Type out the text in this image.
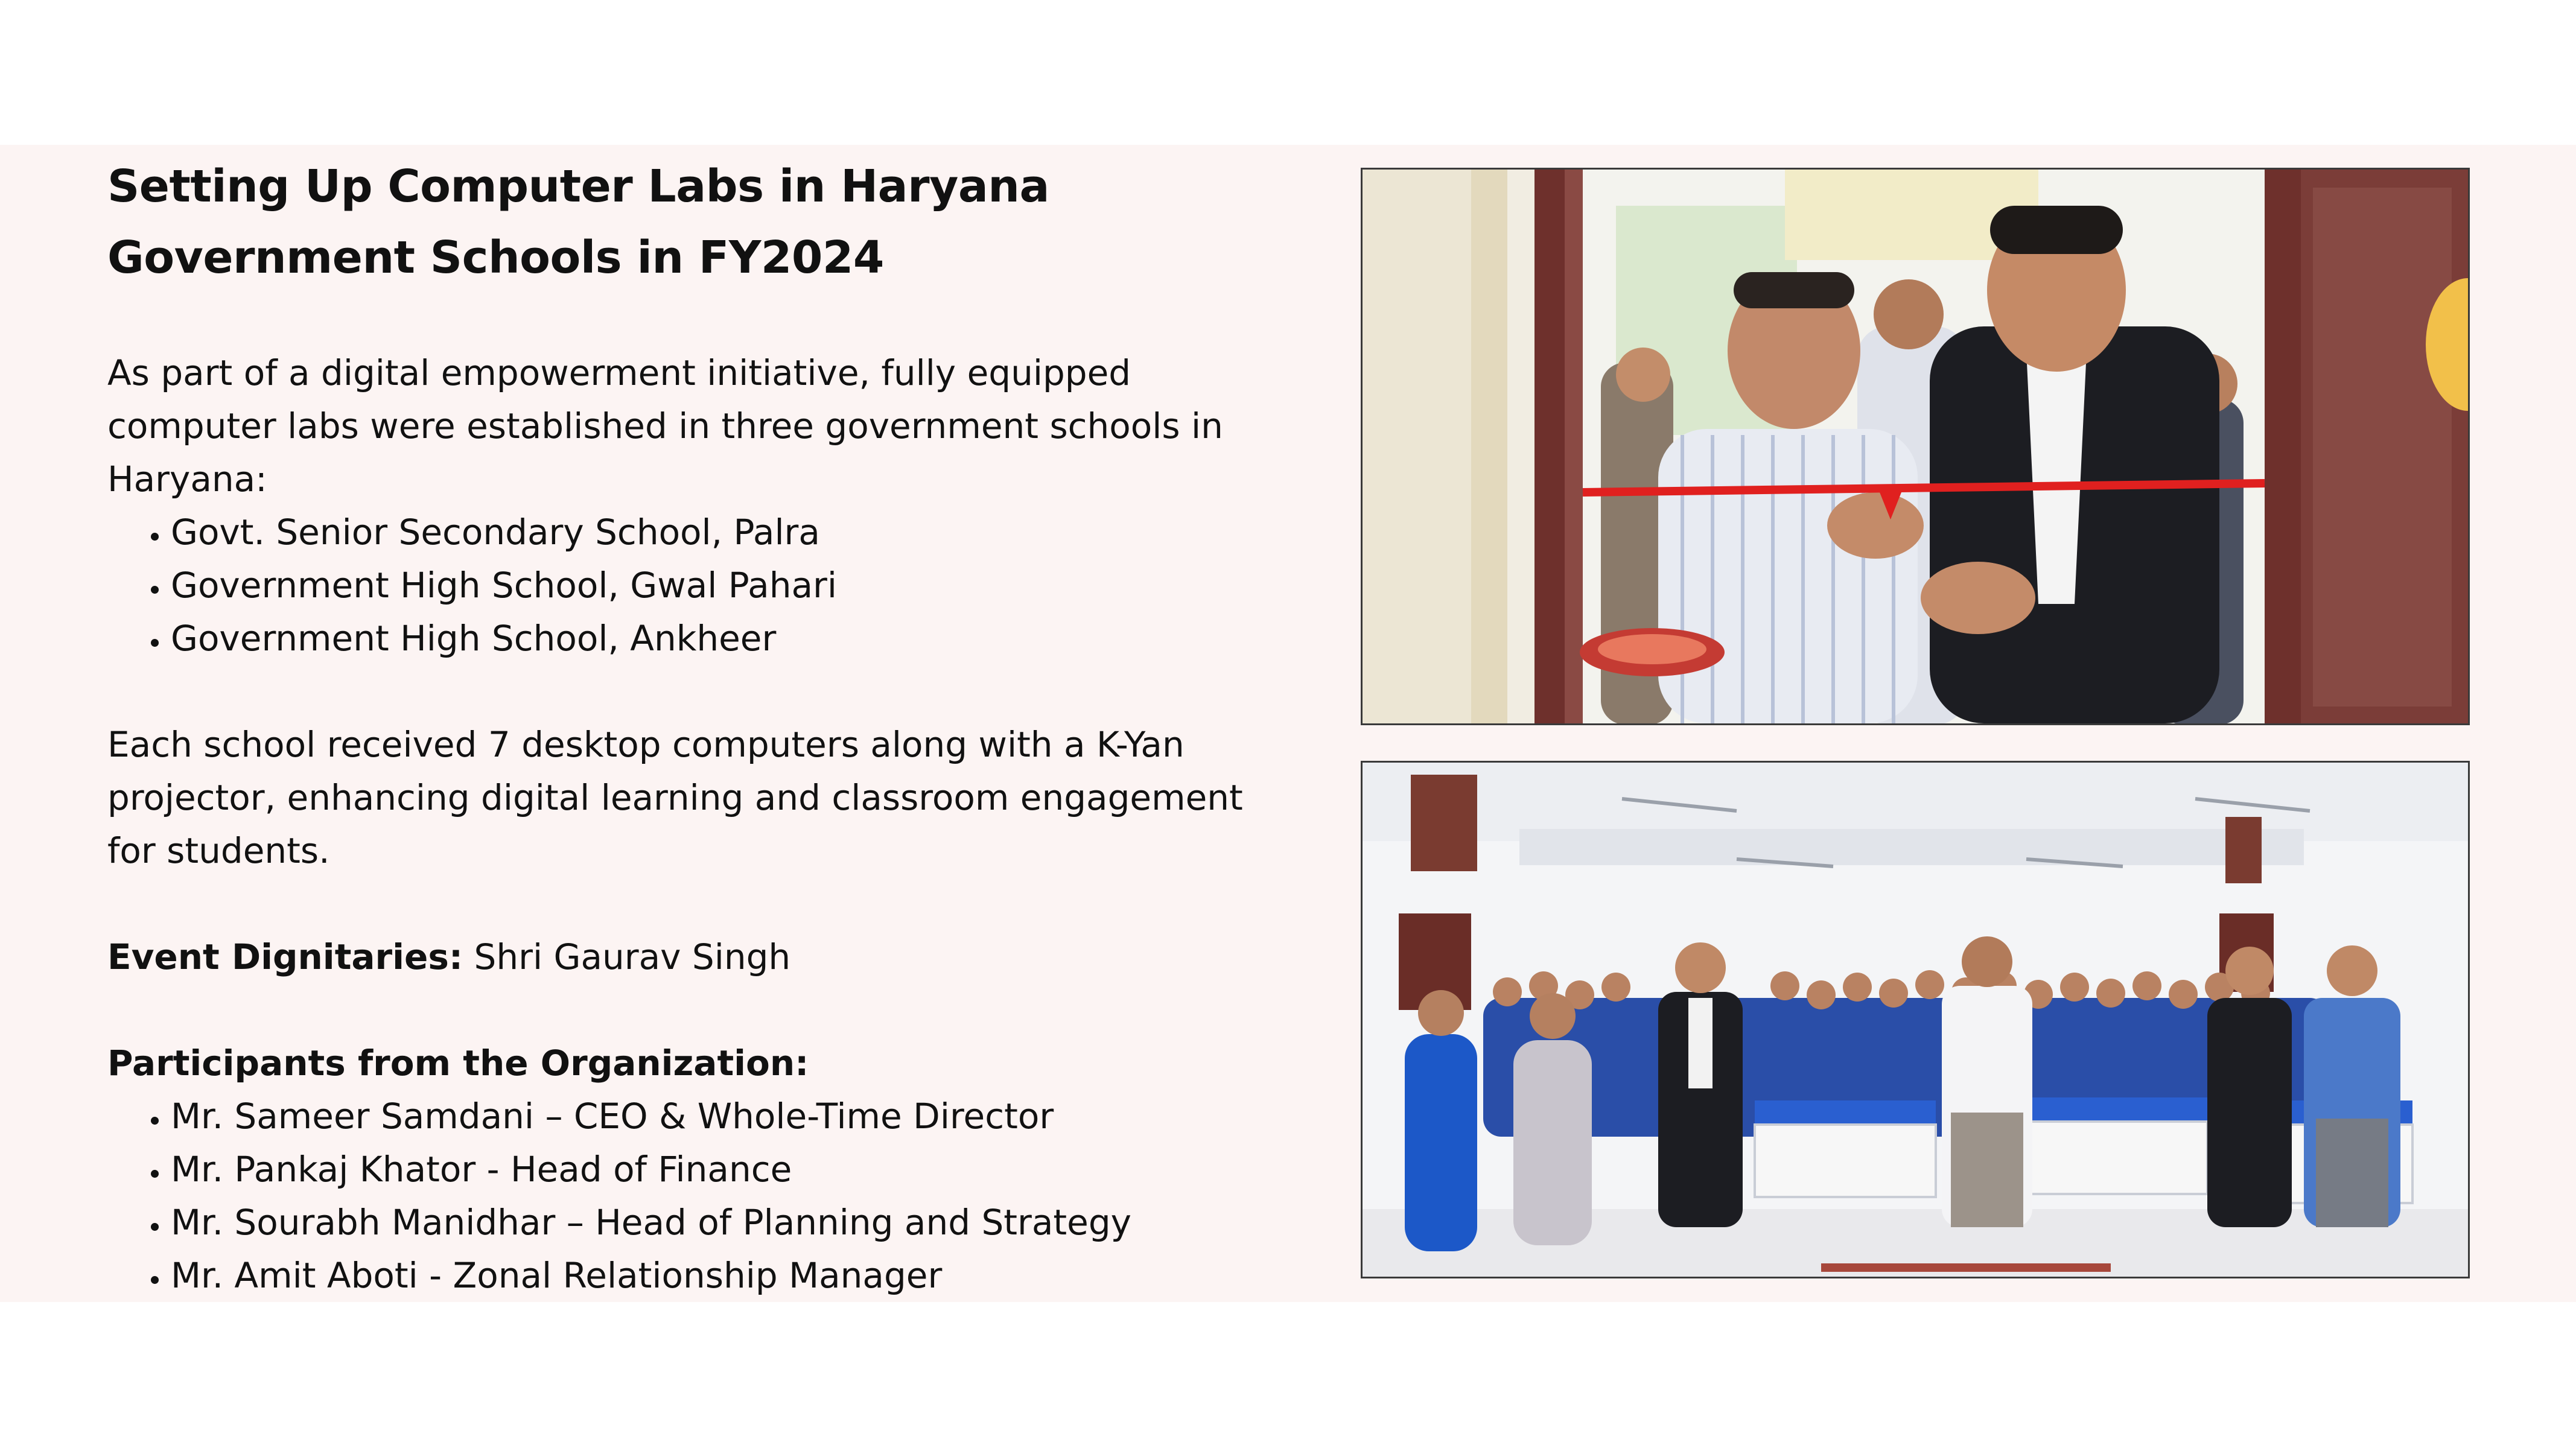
Setting Up Computer Labs in Haryana
Government Schools in FY2024

As part of a digital empowerment initiative, fully equipped
computer labs were established in three government schools in
Haryana:

• Govt. Senior Secondary School, Palra
• Government High School, Gwal Pahari
• Government High School, Ankheer

Each school received 7 desktop computers along with a K-Yan
projector, enhancing digital learning and classroom engagement
for students.

Event Dignitaries: Shri Gaurav Singh

Participants from the Organization:

• Mr. Sameer Samdani – CEO & Whole-Time Director
• Mr. Pankaj Khator - Head of Finance
• Mr. Sourabh Manidhar – Head of Planning and Strategy
• Mr. Amit Aboti - Zonal Relationship Manager
